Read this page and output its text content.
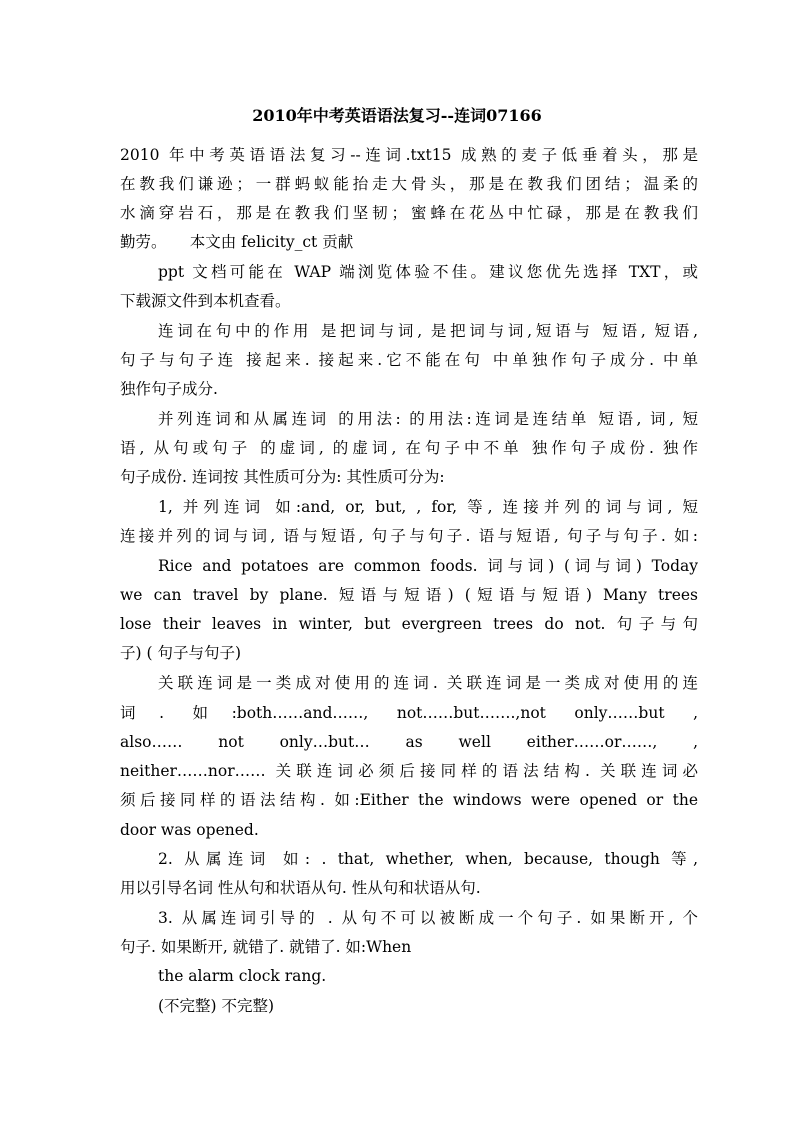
2010年中考英语语法复习--连词07166
2010 年中考英语语法复习--连词.txt15 成熟的麦子低垂着头，那是
在教我们谦逊；一群蚂蚁能抬走大骨头，那是在教我们团结；温柔的
水滴穿岩石，那是在教我们坚韧；蜜蜂在花丛中忙碌，那是在教我们
勤劳。　　本文由 felicity_ct 贡献
ppt 文档可能在 WAP 端浏览体验不佳。建议您优先选择 TXT，或
下载源文件到本机查看。
连词在句中的作用 是把词与词, 是把词与词,短语与 短语, 短语,
句子与句子连 接起来. 接起来.它不能在句 中单独作句子成分. 中单
独作句子成分.
并列连词和从属连词 的用法: 的用法:连词是连结单 短语, 词, 短
语, 从句或句子 的虚词, 的虚词, 在句子中不单 独作句子成份. 独作
句子成份. 连词按 其性质可分为: 其性质可分为:
1, 并列连词 如:and, or, but, , for, 等, 连接并列的词与词, 短
连接并列的词与词, 语与短语, 句子与句子. 语与短语, 句子与句子. 如:
Rice and potatoes are common foods. 词与词) (词与词) Today
we can travel by plane. 短语与短语) (短语与短语) Many trees
lose their leaves in winter, but evergreen trees do not. 句子与句
子) ( 句子与句子)
关联连词是一类成对使用的连词. 关联连词是一类成对使用的连
词. 如:both……and……, not……but…….,not only……but ,
also…… not only…but… as well either……or……, ,
neither……nor…… 关联连词必须后接同样的语法结构. 关联连词必
须后接同样的语法结构. 如:Either the windows were opened or the
door was opened.
2. 从属连词 如: . that, whether, when, because, though 等,
用以引导名词 性从句和状语从句. 性从句和状语从句.
3. 从属连词引导的 . 从句不可以被断成一个句子. 如果断开, 个
句子. 如果断开, 就错了. 就错了. 如:When
the alarm clock rang.
(不完整) 不完整)
